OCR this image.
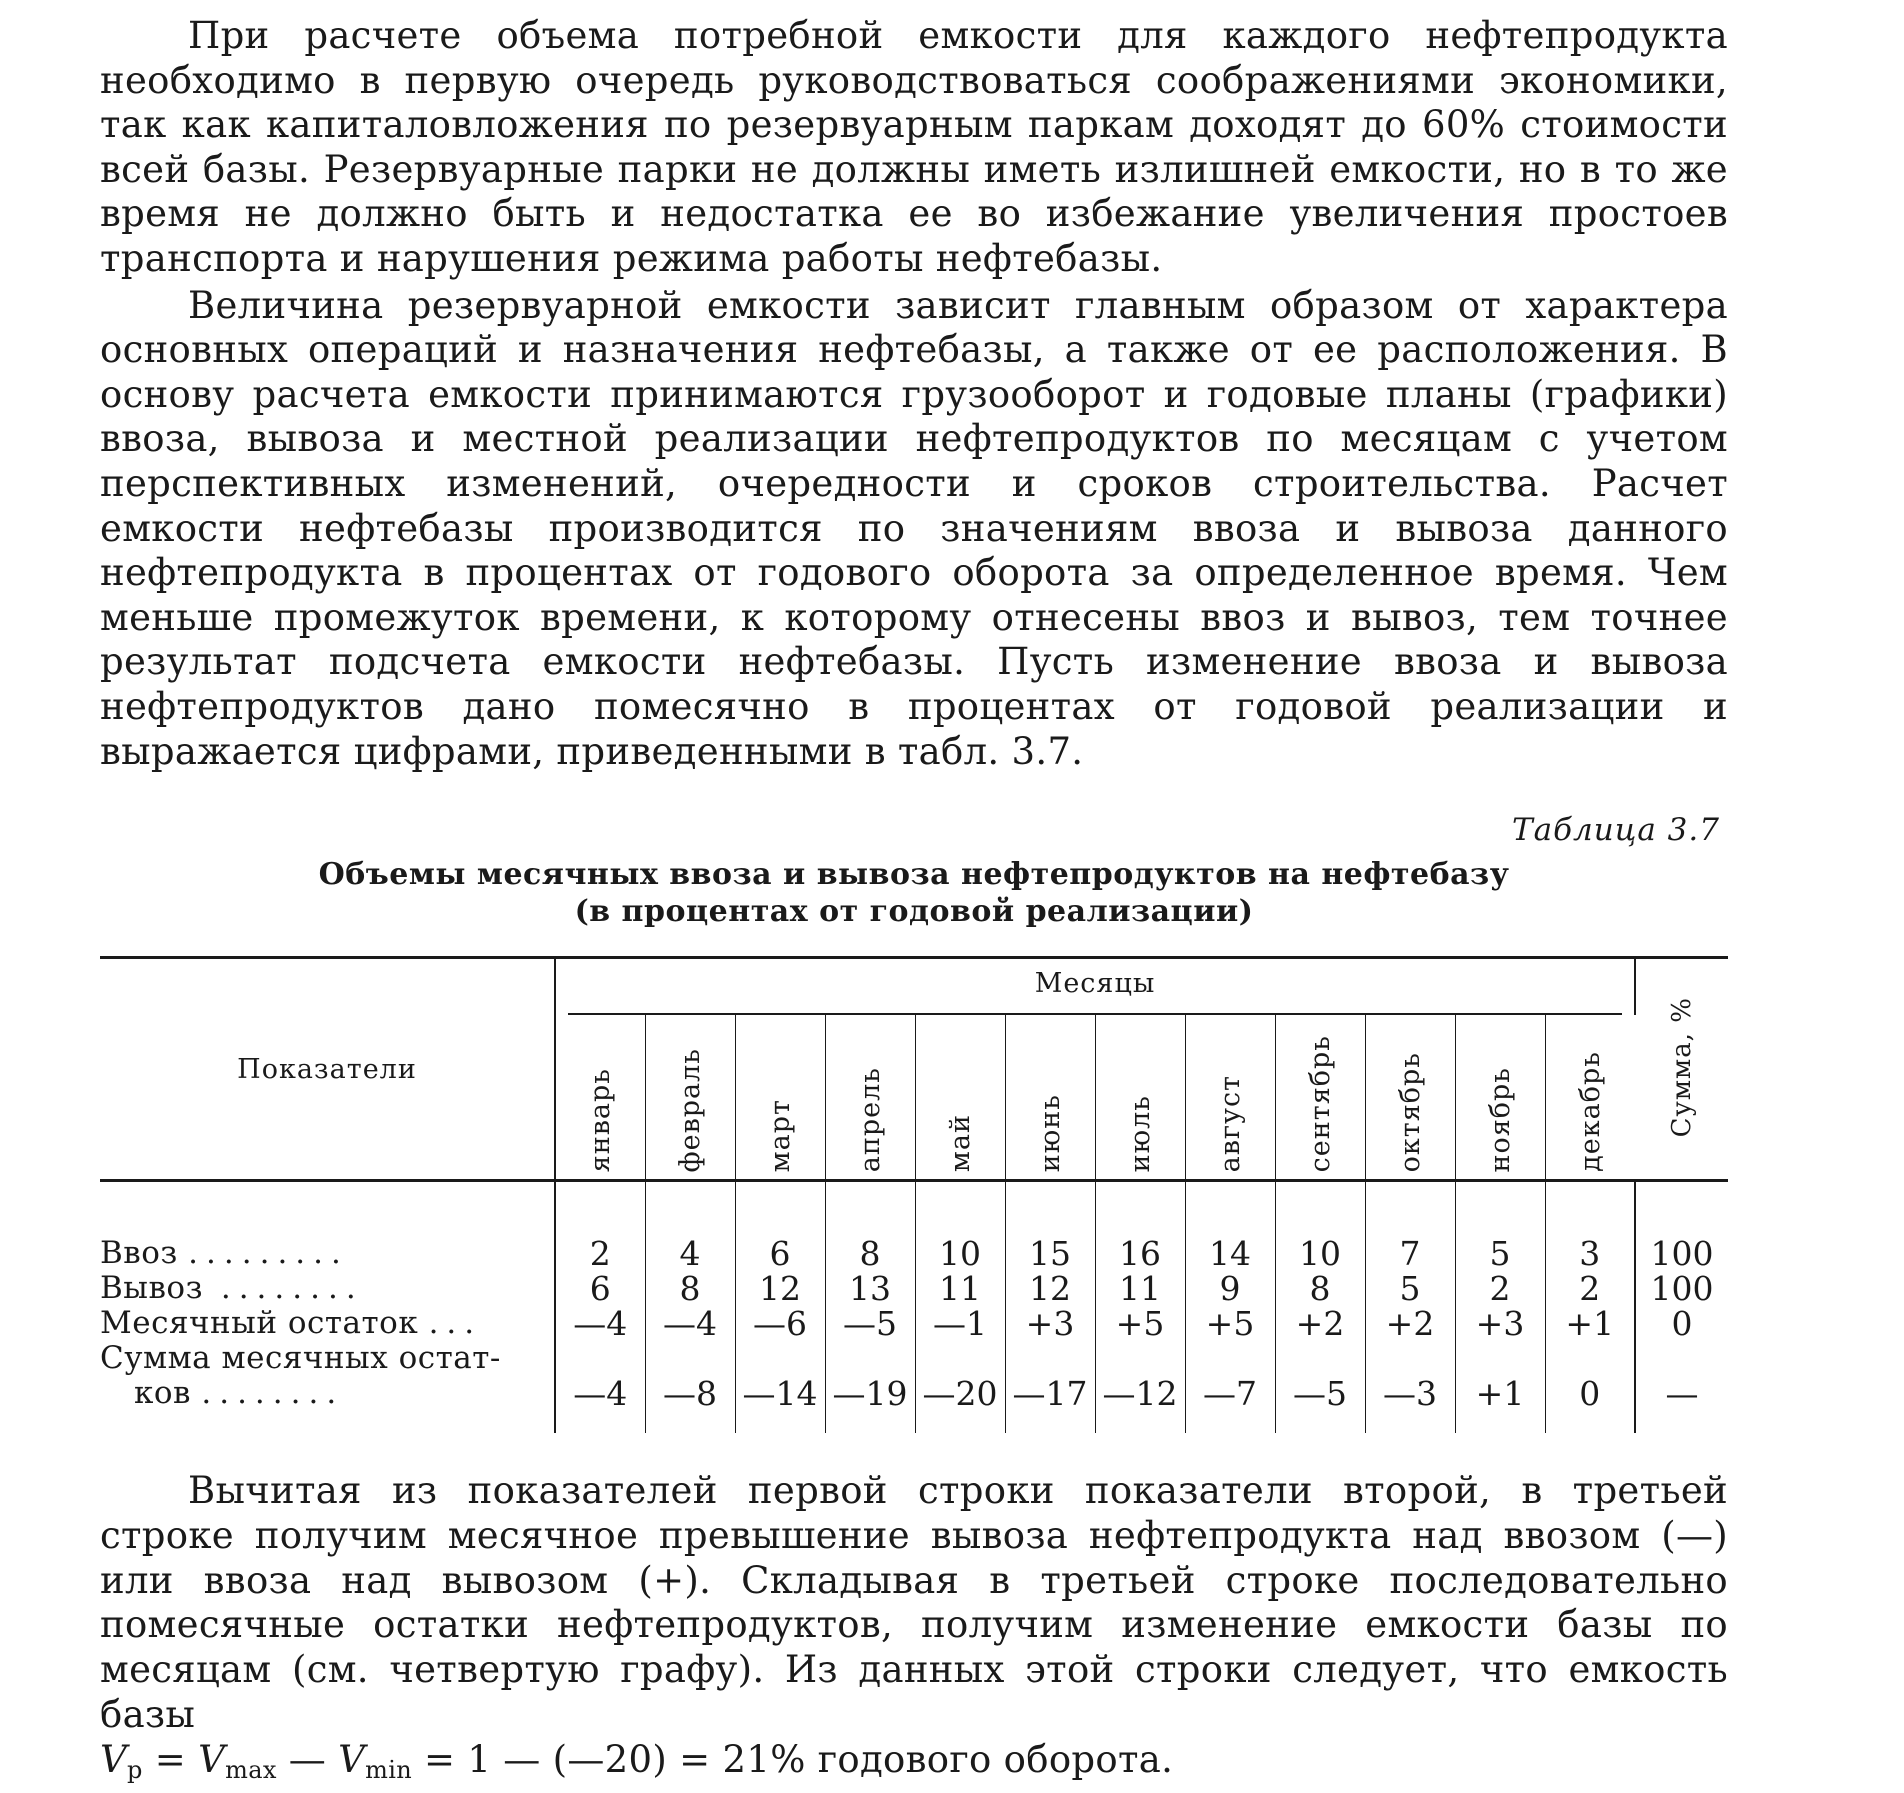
При расчете объема потребной емкости для каждого нефтепродукта необходимо в первую очередь руководствоваться соображениями экономики, так как капиталовложения по резервуарным паркам доходят до 60% стоимости всей базы. Резервуарные парки не должны иметь излишней емкости, но в то же время не должно быть и недостатка ее во избежание увеличения простоев транспорта и нарушения режима работы нефтебазы.

Величина резервуарной емкости зависит главным образом от характера основных операций и назначения нефтебазы, а также от ее расположения. В основу расчета емкости принимаются грузооборот и годовые планы (графики) ввоза, вывоза и местной реализации нефтепродуктов по месяцам с учетом перспективных изменений, очередности и сроков строительства. Расчет емкости нефтебазы производится по значениям ввоза и вывоза данного нефтепродукта в процентах от годового оборота за определенное время. Чем меньше промежуток времени, к которому отнесены ввоз и вывоз, тем точнее результат подсчета емкости нефтебазы. Пусть изменение ввоза и вывоза нефтепродуктов дано помесячно в процентах от годовой реализации и выражается цифрами, приведенными в табл. 3.7.

Таблица 3.7
Объемы месячных ввоза и вывоза нефтепродуктов на нефтебазу
(в процентах от годовой реализации)
Показатели	Месяцы												Сумма, %
	январь	февраль	март	апрель	май	июнь	июль	август	сентябрь	октябрь	ноябрь	декабрь	

Ввоз .........	2	4	6	8	10	15	16	14	10	7	5	3	100
Вывоз ........	6	8	12	13	11	12	11	9	8	5	2	2	100
Месячный остаток ...	—4	—4	—6	—5	—1	+3	+5	+5	+2	+2	+3	+1	0
Сумма месячных остат-													
ков ........	—4	—8	—14	—19	—20	—17	—12	—7	—5	—3	+1	0	—

Вычитая из показателей первой строки показатели второй, в третьей строке получим месячное превышение вывоза нефтепродукта над ввозом (—) или ввоза над вывозом (+). Складывая в третьей строке последовательно помесячные остатки нефтепродуктов, получим изменение емкости базы по месяцам (см. четвертую графу). Из данных этой строки следует, что емкость базы
$V_р = V_{max}$ — $V_{min} = 1$ — (—20) = 21% годового оборота.
